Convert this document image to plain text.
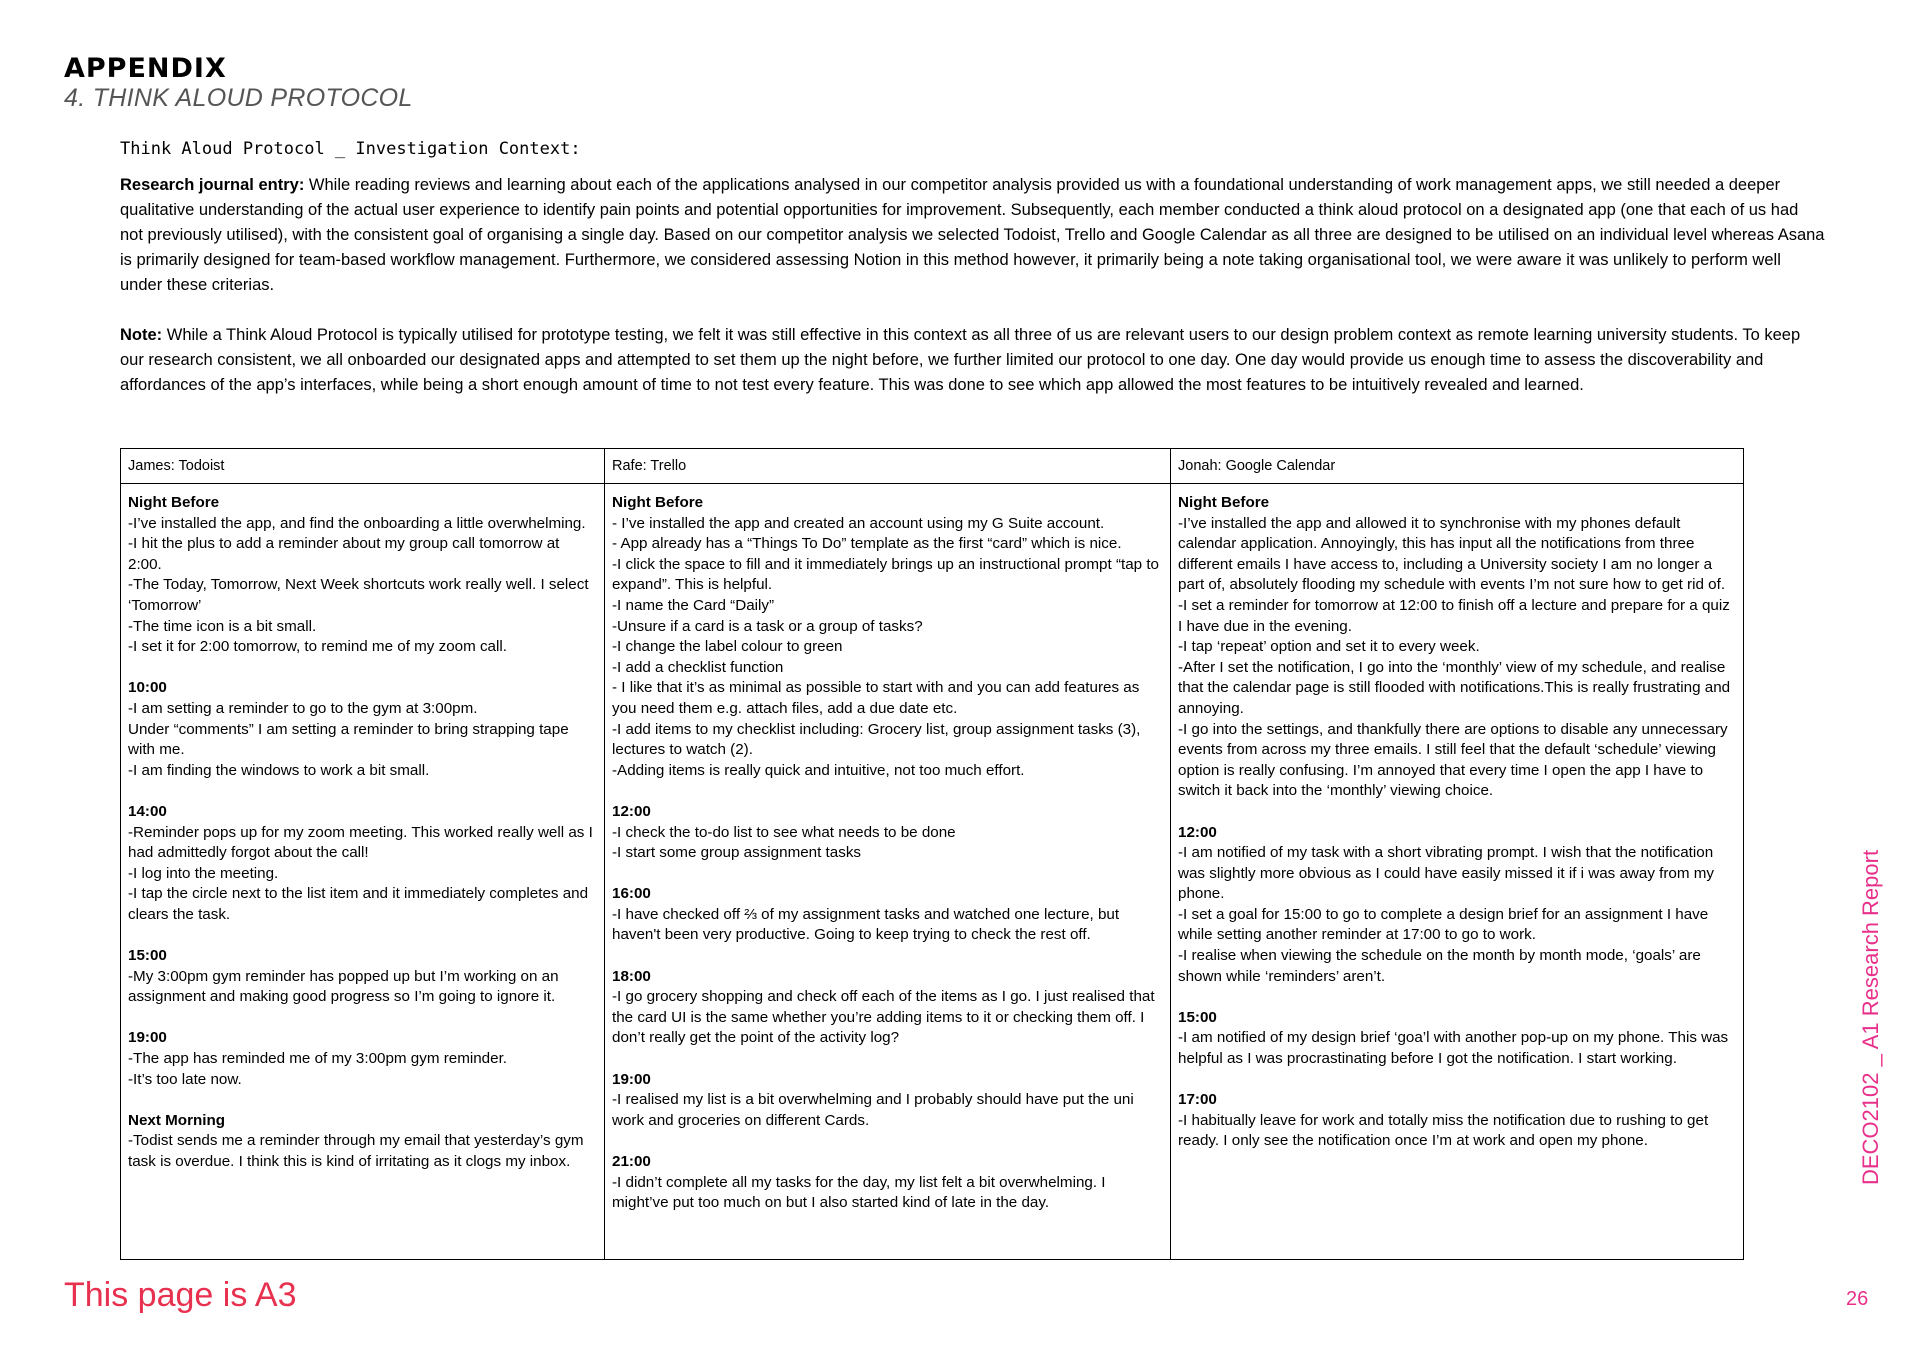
APPENDIX
4. THINK ALOUD PROTOCOL
Think Aloud Protocol _ Investigation Context:

Research journal entry: While reading reviews and learning about each of the applications analysed in our competitor analysis provided us with a foundational understanding of work management apps, we still needed a deeper qualitative understanding of the actual user experience to identify pain points and potential opportunities for improvement. Subsequently, each member conducted a think aloud protocol on a designated app (one that each of us had not previously utilised), with the consistent goal of organising a single day. Based on our competitor analysis we selected Todoist, Trello and Google Calendar as all three are designed to be utilised on an individual level whereas Asana is primarily designed for team-based workflow management. Furthermore, we considered assessing Notion in this method however, it primarily being a note taking organisational tool, we were aware it was unlikely to perform well under these criterias.

Note: While a Think Aloud Protocol is typically utilised for prototype testing, we felt it was still effective in this context as all three of us are relevant users to our design problem context as remote learning university students. To keep our research consistent, we all onboarded our designated apps and attempted to set them up the night before, we further limited our protocol to one day. One day would provide us enough time to assess the discoverability and affordances of the app’s interfaces, while being a short enough amount of time to not test every feature. This was done to see which app allowed the most features to be intuitively revealed and learned.

James: Todoist	Rafe: Trello	Jonah: Google Calendar
Night Before
-I’ve installed the app, and find the onboarding a little overwhelming.
-I hit the plus to add a reminder about my group call tomorrow at 2:00.
-The Today, Tomorrow, Next Week shortcuts work really well. I select ‘Tomorrow’
-The time icon is a bit small.
-I set it for 2:00 tomorrow, to remind me of my zoom call.
10:00
-I am setting a reminder to go to the gym at 3:00pm.
Under “comments” I am setting a reminder to bring strapping tape with me.
-I am finding the windows to work a bit small.
14:00
-Reminder pops up for my zoom meeting. This worked really well as I had admittedly forgot about the call!
-I log into the meeting.
-I tap the circle next to the list item and it immediately completes and clears the task.
15:00
-My 3:00pm gym reminder has popped up but I’m working on an assignment and making good progress so I’m going to ignore it.
19:00
-The app has reminded me of my 3:00pm gym reminder.
-It’s too late now.
Next Morning
-Todist sends me a reminder through my email that yesterday’s gym task is overdue. I think this is kind of irritating as it clogs my inbox.
Night Before
- I’ve installed the app and created an account using my G Suite account.
- App already has a “Things To Do” template as the first “card” which is nice.
-I click the space to fill and it immediately brings up an instructional prompt “tap to expand”. This is helpful.
-I name the Card “Daily”
-Unsure if a card is a task or a group of tasks?
-I change the label colour to green
-I add a checklist function
- I like that it’s as minimal as possible to start with and you can add features as you need them e.g. attach files, add a due date etc.
-I add items to my checklist including: Grocery list, group assignment tasks (3), lectures to watch (2).
-Adding items is really quick and intuitive, not too much effort.
12:00
-I check the to-do list to see what needs to be done
-I start some group assignment tasks
16:00
-I have checked off ⅔ of my assignment tasks and watched one lecture, but haven't been very productive. Going to keep trying to check the rest off.
18:00
-I go grocery shopping and check off each of the items as I go. I just realised that the card UI is the same whether you’re adding items to it or checking them off. I don’t really get the point of the activity log?
19:00
-I realised my list is a bit overwhelming and I probably should have put the uni work and groceries on different Cards.
21:00
-I didn’t complete all my tasks for the day, my list felt a bit overwhelming. I might’ve put too much on but I also started kind of late in the day.
Night Before
-I’ve installed the app and allowed it to synchronise with my phones default calendar application. Annoyingly, this has input all the notifications from three different emails I have access to, including a University society I am no longer a part of, absolutely flooding my schedule with events I’m not sure how to get rid of.
-I set a reminder for tomorrow at 12:00 to finish off a lecture and prepare for a quiz I have due in the evening.
-I tap ‘repeat’ option and set it to every week.
-After I set the notification, I go into the ‘monthly’ view of my schedule, and realise that the calendar page is still flooded with notifications.This is really frustrating and annoying.
-I go into the settings, and thankfully there are options to disable any unnecessary events from across my three emails. I still feel that the default ‘schedule’ viewing option is really confusing. I’m annoyed that every time I open the app I have to switch it back into the ‘monthly’ viewing choice.
12:00
-I am notified of my task with a short vibrating prompt. I wish that the notification was slightly more obvious as I could have easily missed it if i was away from my phone.
-I set a goal for 15:00 to go to complete a design brief for an assignment I have while setting another reminder at 17:00 to go to work.
-I realise when viewing the schedule on the month by month mode, ‘goals’ are shown while ‘reminders’ aren’t.
15:00
-I am notified of my design brief ‘goa’l with another pop-up on my phone. This was helpful as I was procrastinating before I got the notification. I start working.
17:00
-I habitually leave for work and totally miss the notification due to rushing to get ready. I only see the notification once I’m at work and open my phone.
This page is A3
DECO2102 _ A1 Research Report
26
